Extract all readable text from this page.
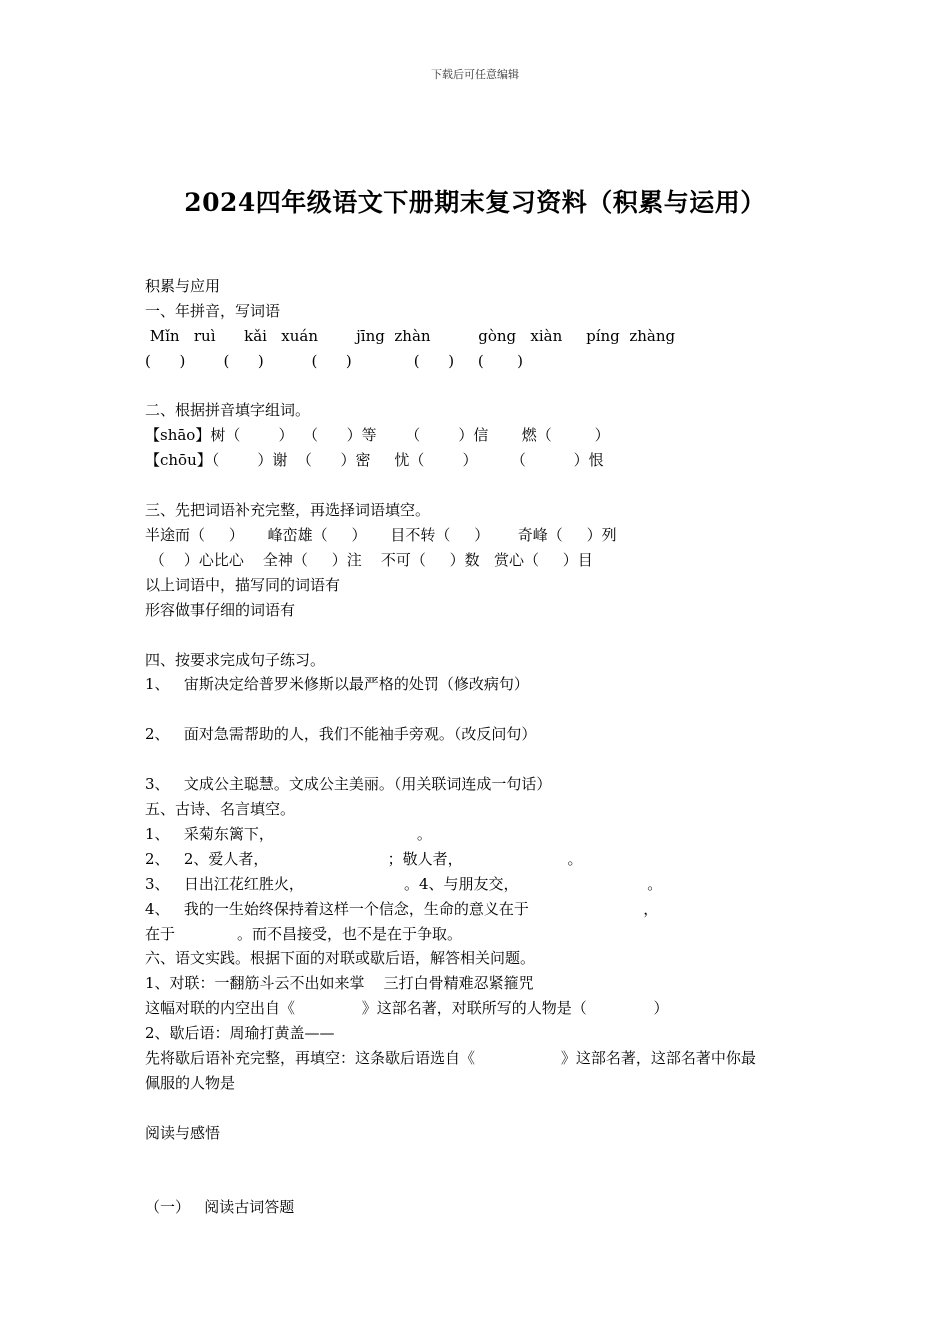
下载后可任意编辑
2024四年级语文下册期末复习资料（积累与运用）
积累与应用
一、年拼音，写词语
Mǐn   ruì      kǎi   xuán        jīng  zhàn          gòng   xiàn     píng  zhàng
(      )        (      )          (      )             (      )     (       )
二、根据拼音填字组词。
【shāo】树（        ）  （      ）等      （        ）信       燃（         ）
【chōu】（        ）谢  （      ）密     忧（        ）       （          ）恨
三、先把词语补充完整，再选择词语填空。
半途而（     ）     峰峦雄（     ）     目不转（     ）      奇峰（     ）列
（    ）心比心    全神（     ）注    不可（     ）数   赏心（     ）目
以上词语中，描写同的词语有
形容做事仔细的词语有
四、按要求完成句子练习。
1、   宙斯决定给普罗米修斯以最严格的处罚（修改病句）
2、   面对急需帮助的人，我们不能袖手旁观。（改反问句）
3、   文成公主聪慧。文成公主美丽。（用关联词连成一句话）
五、古诗、名言填空。
1、   采菊东篱下，                              。
2、   2、爱人者，                         ；敬人者，                      。
3、   日出江花红胜火，                     。4、与朋友交，                           。
4、   我的一生始终保持着这样一个信念，生命的意义在于                        ，
在于             。而不昌接受，也不是在于争取。
六、语文实践。根据下面的对联或歇后语，解答相关问题。
1、对联：一翻筋斗云不出如来掌    三打白骨精难忍紧箍咒
这幅对联的内空出自《              》这部名著，对联所写的人物是（              ）
2、歇后语：周瑜打黄盖——
先将歇后语补充完整，再填空：这条歇后语选自《                  》这部名著，这部名著中你最
佩服的人物是
阅读与感悟
（一）   阅读古词答题
